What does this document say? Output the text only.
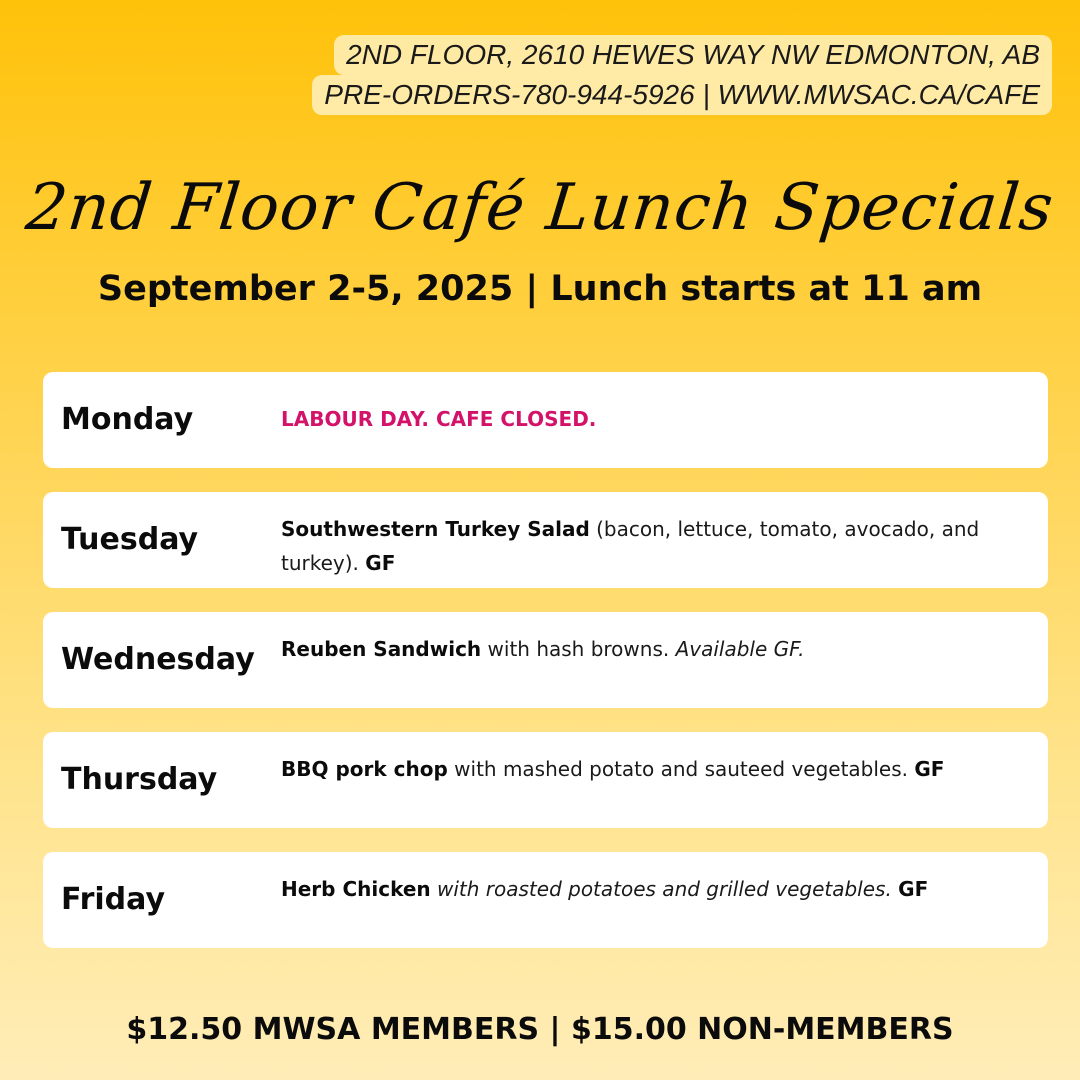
2ND FLOOR, 2610 HEWES WAY NW EDMONTON, AB
PRE-ORDERS-780-944-5926 | WWW.MWSAC.CA/CAFE
2nd Floor Café Lunch Specials
September 2-5, 2025 | Lunch starts at 11 am
Monday	LABOUR DAY. CAFE CLOSED.
Tuesday	Southwestern Turkey Salad (bacon, lettuce, tomato, avocado, and turkey). GF
Wednesday Reuben Sandwich with hash browns. Available GF.
Thursday	BBQ pork chop with mashed potato and sauteed vegetables. GF
Friday	Herb Chicken with roasted potatoes and grilled vegetables. GF
$12.50 MWSA MEMBERS | $15.00 NON-MEMBERS
